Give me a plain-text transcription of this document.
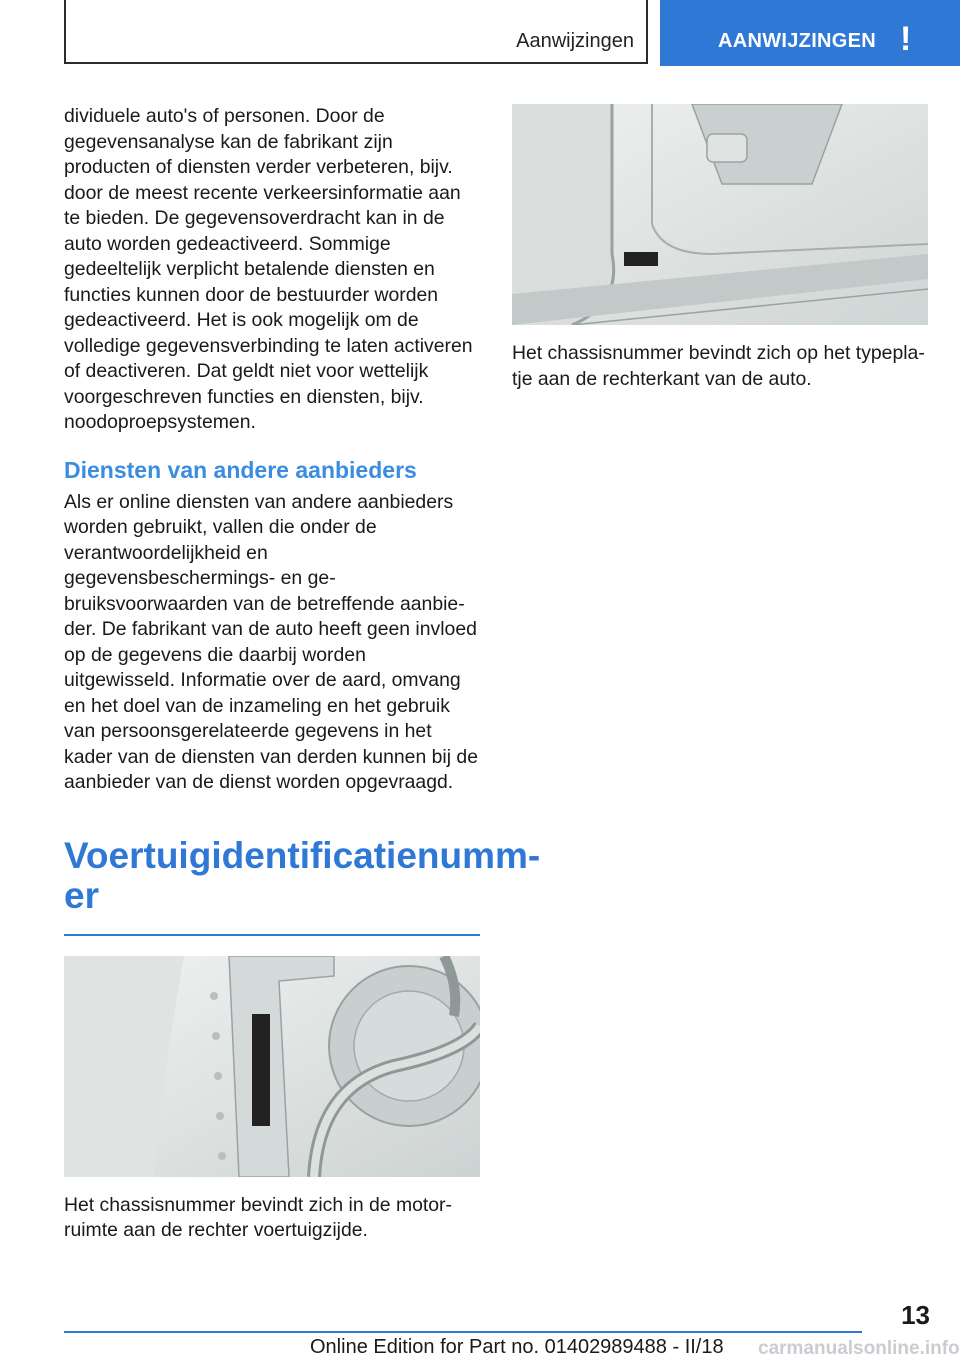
Aanwijzingen	AANWIJZINGEN !

dividuele auto's of personen. Door de gegevensanalyse kan de fabrikant zijn producten of diensten verder verbeteren, bijv. door de meest recente verkeersinformatie aan te bieden. De gegevensoverdracht kan in de auto worden gedeactiveerd. Sommige gedeeltelijk verplicht betalende diensten en functies kunnen door de bestuurder worden gedeactiveerd. Het is ook mogelijk om de volledige gegevensverbinding te laten activeren of deactiveren. Dat geldt niet voor wettelijk voorgeschreven functies en diensten, bijv. noodoproepsystemen.

Diensten van andere aanbieders

Als er online diensten van andere aanbieders worden gebruikt, vallen die onder de verantwoordelijkheid en gegevensbeschermings- en gebruiksvoorwaarden van de betreffende aanbieder. De fabrikant van de auto heeft geen invloed op de gegevens die daarbij worden uitgewisseld. Informatie over de aard, omvang en het doel van de inzameling en het gebruik van persoonsgerelateerde gegevens in het kader van de diensten van derden kunnen bij de aanbieder van de dienst worden opgevraagd.

Voertuigidentificatienummer
Het chassisnummer bevindt zich in de motorruimte aan de rechter voertuigzijde.
Het chassisnummer bevindt zich op het typeplatje aan de rechterkant van de auto.
13
Online Edition for Part no. 01402989488 - II/18 carmanualsonline.info
